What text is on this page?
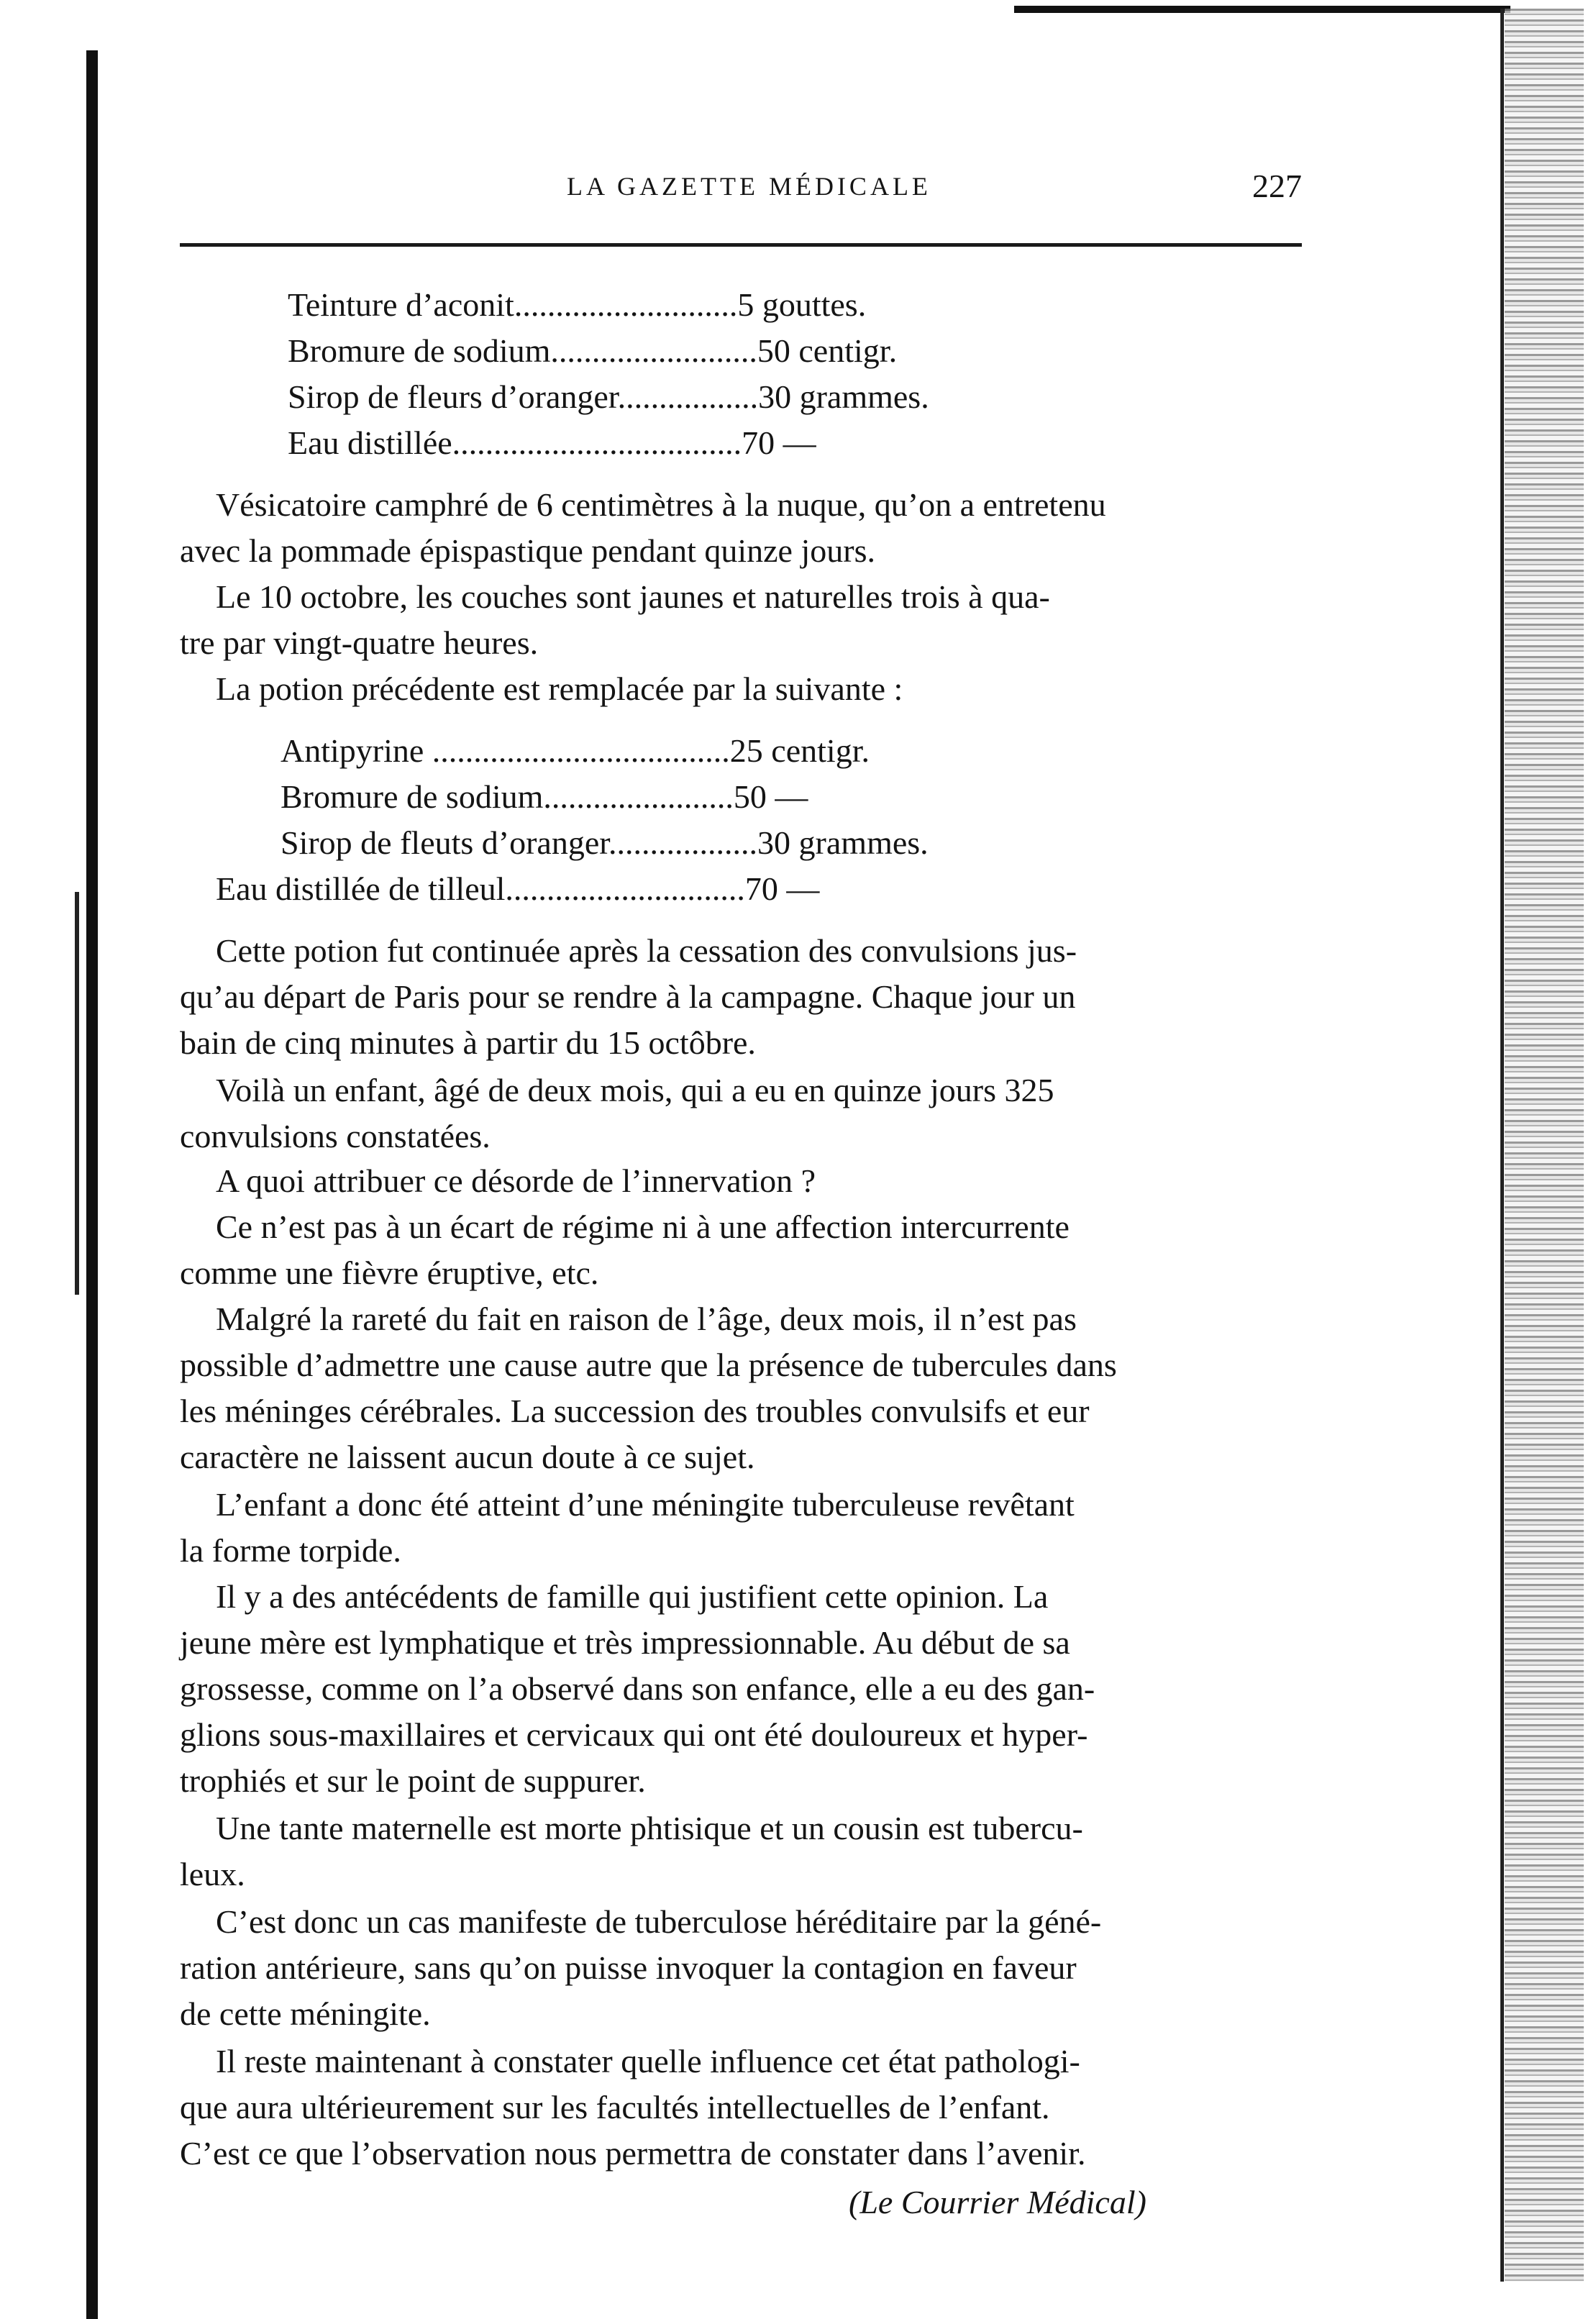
LA GAZETTE MÉDICALE	227
Teinture d’aconit...........................5 gouttes.
Bromure de sodium.........................50 centigr.
Sirop de fleurs d’oranger.................30 grammes.
Eau distillée...................................70 —
Vésicatoire camphré de 6 centimètres à la nuque, qu’on a entretenu
avec la pommade épispastique pendant quinze jours.
Le 10 octobre, les couches sont jaunes et naturelles trois à qua-
tre par vingt-quatre heures.
La potion précédente est remplacée par la suivante :
Antipyrine ....................................25 centigr.
Bromure de sodium.......................50 —
Sirop de fleuts d’oranger..................30 grammes.
Eau distillée de tilleul.............................70 —
Cette potion fut continuée après la cessation des convulsions jus-
qu’au départ de Paris pour se rendre à la campagne. Chaque jour un
bain de cinq minutes à partir du 15 octôbre.
Voilà un enfant, âgé de deux mois, qui a eu en quinze jours 325
convulsions constatées.
A quoi attribuer ce désorde de l’innervation ?
Ce n’est pas à un écart de régime ni à une affection intercurrente
comme une fièvre éruptive, etc.
Malgré la rareté du fait en raison de l’âge, deux mois, il n’est pas
possible d’admettre une cause autre que la présence de tubercules dans
les méninges cérébrales. La succession des troubles convulsifs et eur
caractère ne laissent aucun doute à ce sujet.
L’enfant a donc été atteint d’une méningite tuberculeuse revêtant
la forme torpide.
Il y a des antécédents de famille qui justifient cette opinion. La
jeune mère est lymphatique et très impressionnable. Au début de sa
grossesse, comme on l’a observé dans son enfance, elle a eu des gan-
glions sous-maxillaires et cervicaux qui ont été douloureux et hyper-
trophiés et sur le point de suppurer.
Une tante maternelle est morte phtisique et un cousin est tubercu-
leux.
C’est donc un cas manifeste de tuberculose héréditaire par la géné-
ration antérieure, sans qu’on puisse invoquer la contagion en faveur
de cette méningite.
Il reste maintenant à constater quelle influence cet état pathologi-
que aura ultérieurement sur les facultés intellectuelles de l’enfant.
C’est ce que l’observation nous permettra de constater dans l’avenir.
(Le Courrier Médical)
